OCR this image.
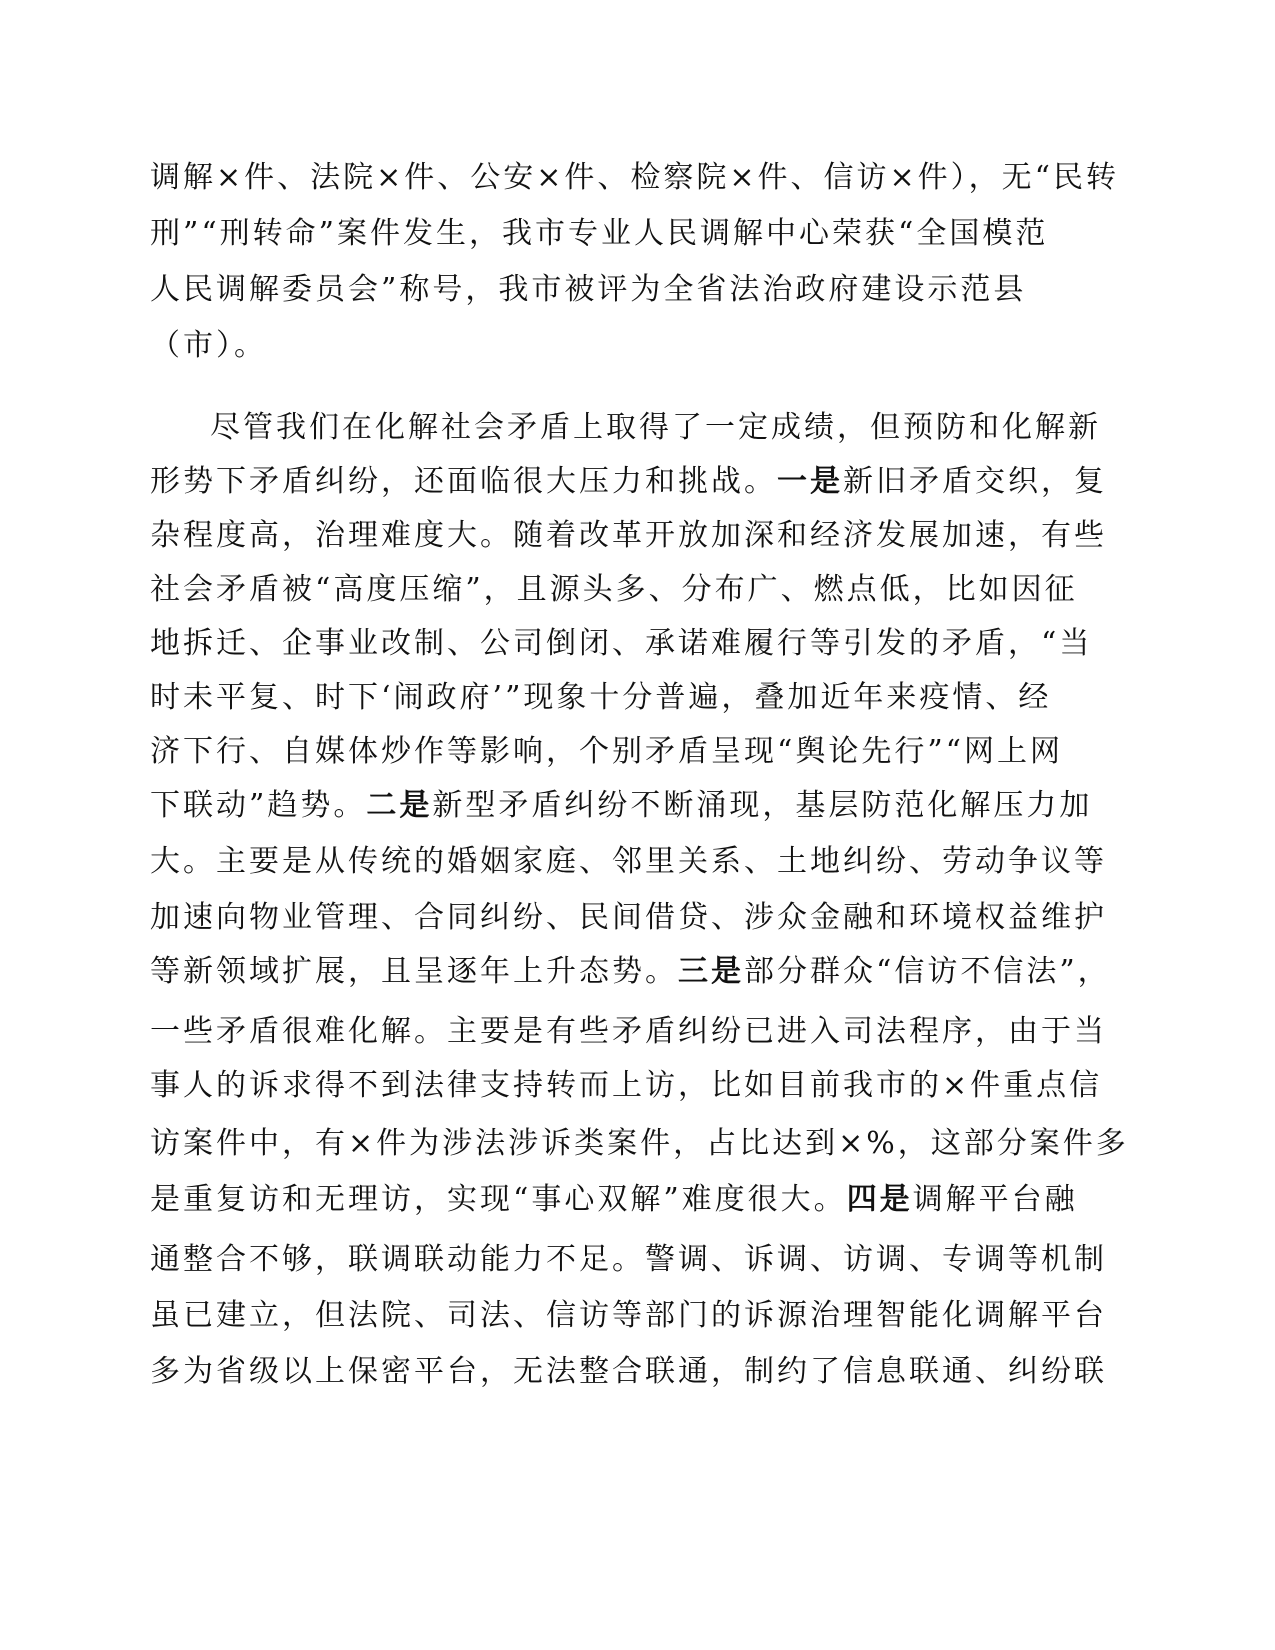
调解×件、法院×件、公安×件、检察院×件、信访×件），无“民转
刑”“刑转命”案件发生，我市专业人民调解中心荣获“全国模范
人民调解委员会”称号，我市被评为全省法治政府建设示范县
（市）。
尽管我们在化解社会矛盾上取得了一定成绩，但预防和化解新
形势下矛盾纠纷，还面临很大压力和挑战。一是新旧矛盾交织，复
杂程度高，治理难度大。随着改革开放加深和经济发展加速，有些
社会矛盾被“高度压缩”，且源头多、分布广、燃点低，比如因征
地拆迁、企事业改制、公司倒闭、承诺难履行等引发的矛盾，“当
时未平复、时下‘闹政府’”现象十分普遍，叠加近年来疫情、经
济下行、自媒体炒作等影响，个别矛盾呈现“舆论先行”“网上网
下联动”趋势。二是新型矛盾纠纷不断涌现，基层防范化解压力加
大。主要是从传统的婚姻家庭、邻里关系、土地纠纷、劳动争议等
加速向物业管理、合同纠纷、民间借贷、涉众金融和环境权益维护
等新领域扩展，且呈逐年上升态势。三是部分群众“信访不信法”，
一些矛盾很难化解。主要是有些矛盾纠纷已进入司法程序，由于当
事人的诉求得不到法律支持转而上访，比如目前我市的×件重点信
访案件中，有×件为涉法涉诉类案件，占比达到×%，这部分案件多
是重复访和无理访，实现“事心双解”难度很大。四是调解平台融
通整合不够，联调联动能力不足。警调、诉调、访调、专调等机制
虽已建立，但法院、司法、信访等部门的诉源治理智能化调解平台
多为省级以上保密平台，无法整合联通，制约了信息联通、纠纷联
